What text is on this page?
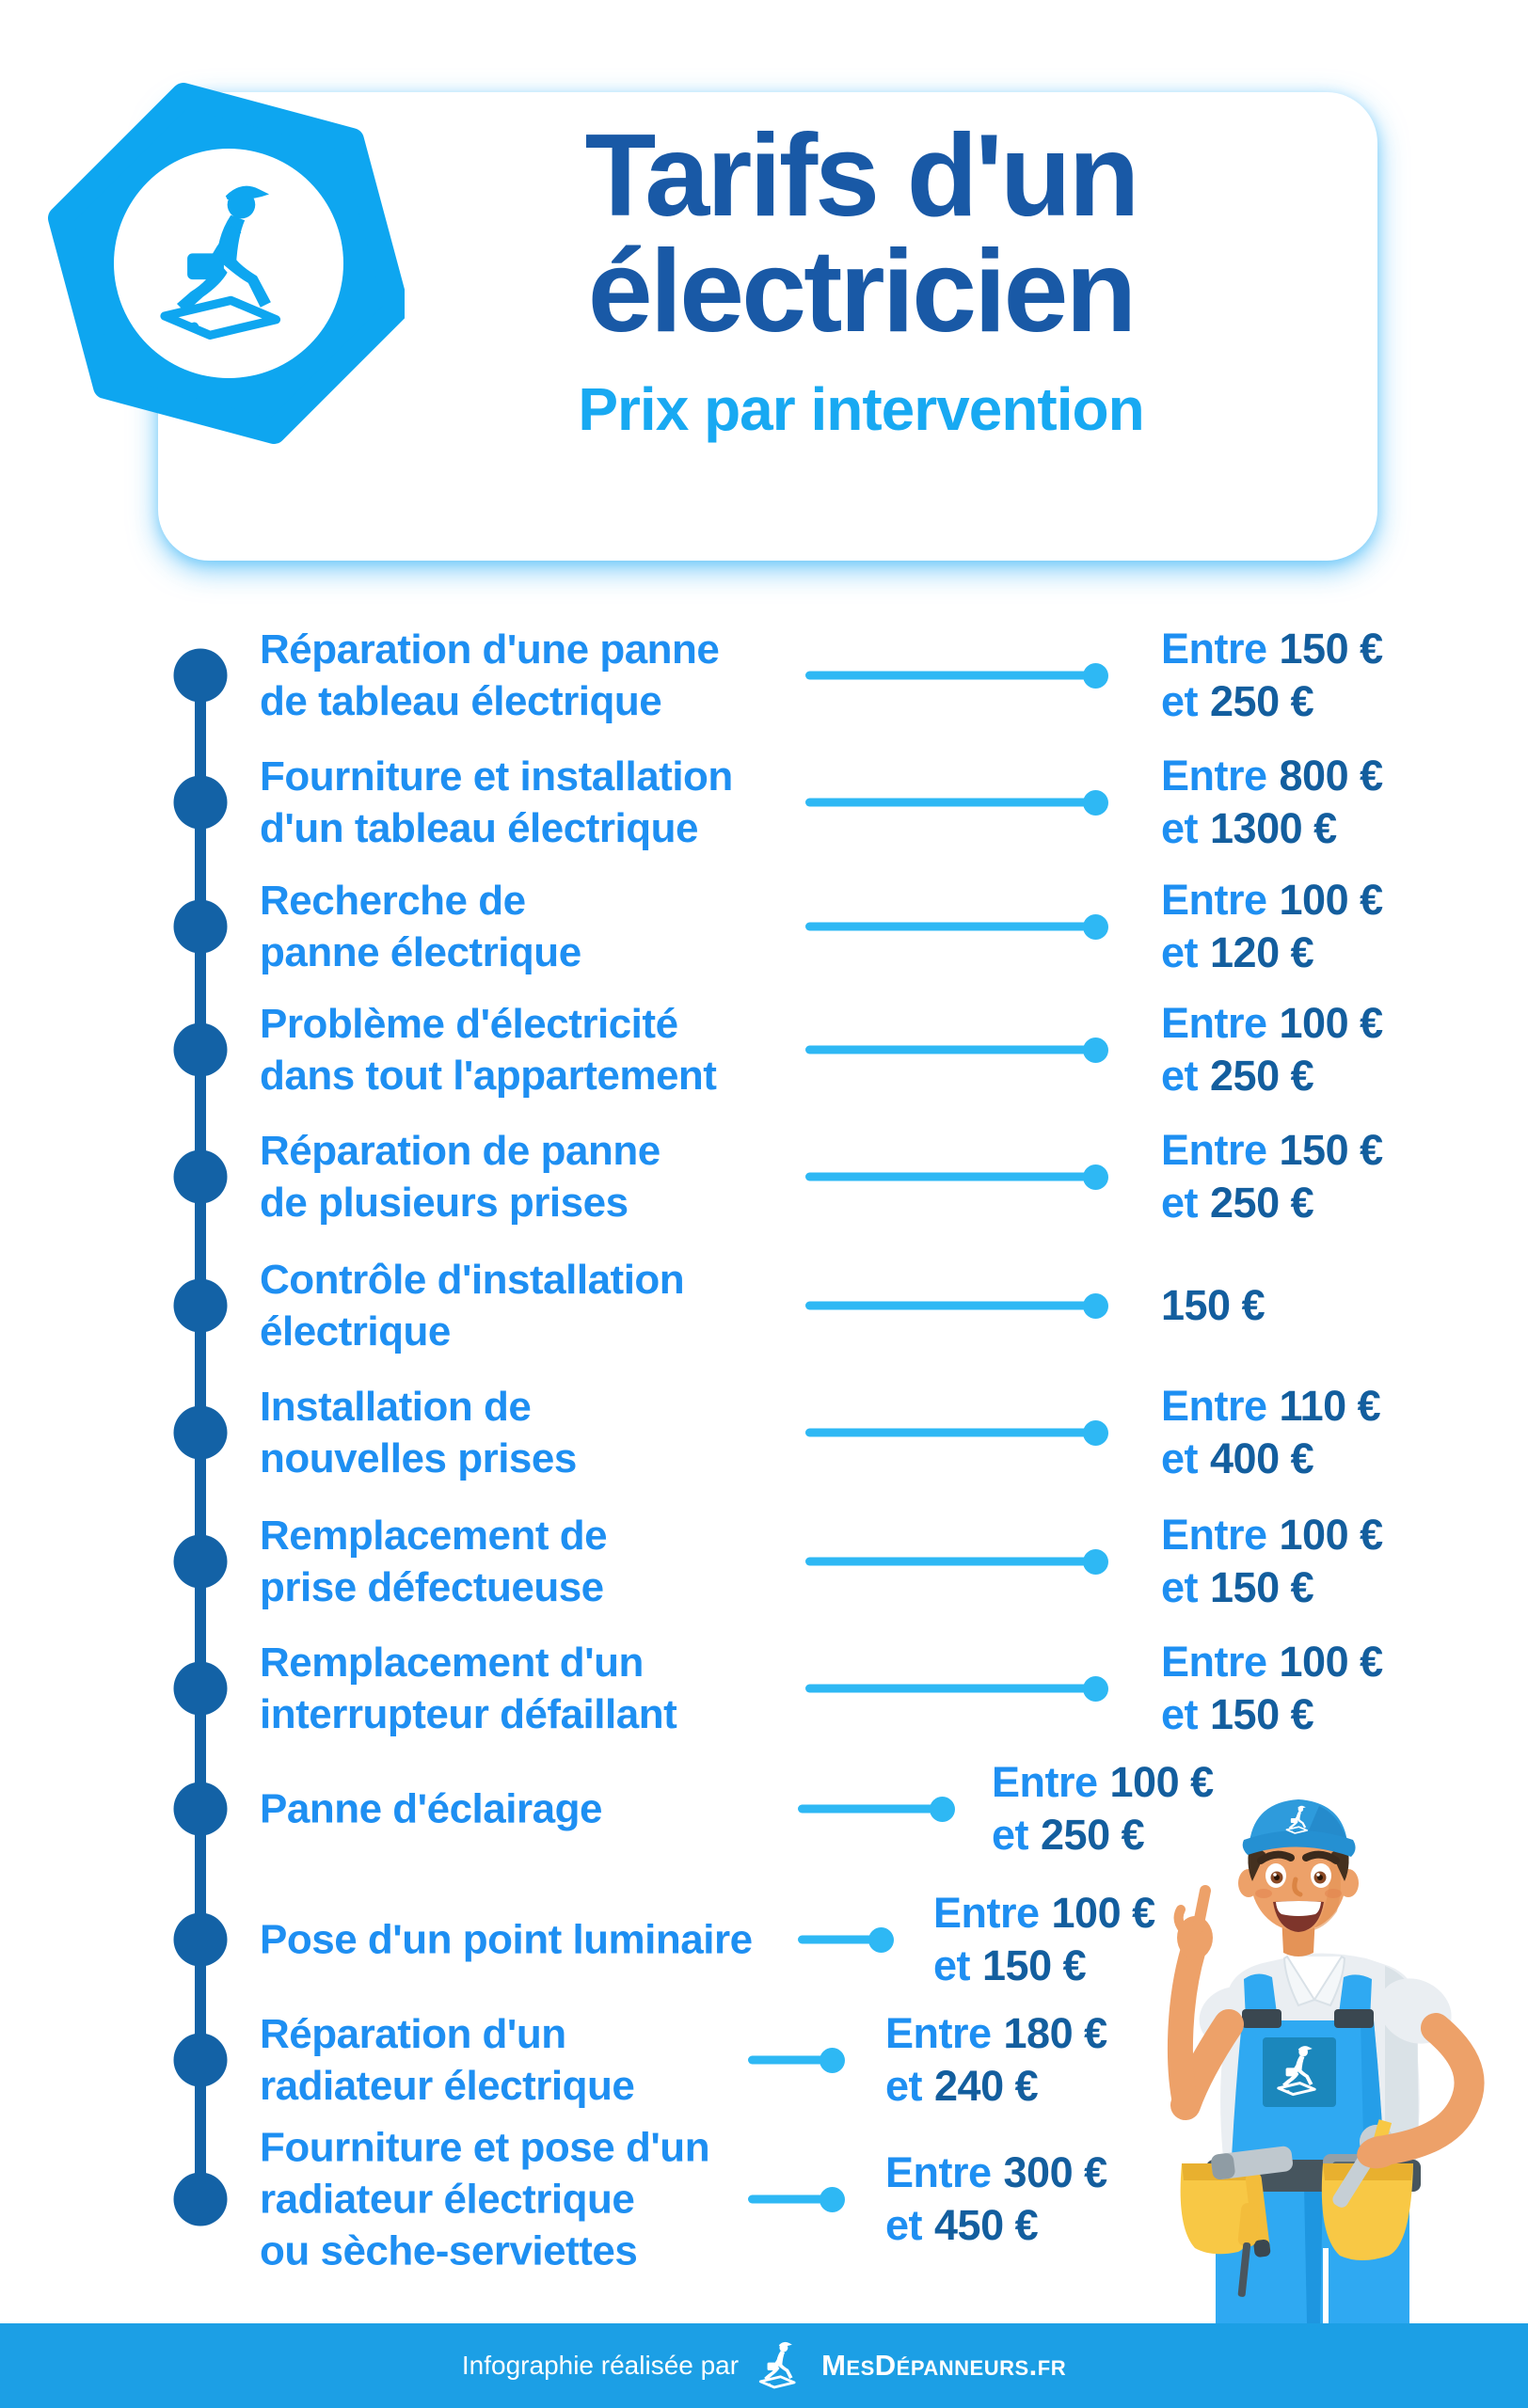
Tarifs d'un
électricien
Prix par intervention
Réparation d'une panne
de tableau électrique
Entre 150 €
et 250 €
Fourniture et installation
d'un tableau électrique
Entre 800 €
et 1300 €
Recherche de
panne électrique
Entre 100 €
et 120 €
Problème d'électricité
dans tout l'appartement
Entre 100 €
et 250 €
Réparation de panne
de plusieurs prises
Entre 150 €
et 250 €
Contrôle d'installation
électrique
150 €
Installation de
nouvelles prises
Entre 110 €
et 400 €
Remplacement de
prise défectueuse
Entre 100 €
et 150 €
Remplacement d'un
interrupteur défaillant
Entre 100 €
et 150 €
Panne d'éclairage
Entre 100 €
et 250 €
Pose d'un point luminaire
Entre 100 €
et 150 €
Réparation d'un
radiateur électrique
Entre 180 €
et 240 €
Fourniture et pose d'un
radiateur électrique
ou sèche-serviettes
Entre 300 €
et 450 €
Infographie réalisée par	MesDépanneurs.fr
